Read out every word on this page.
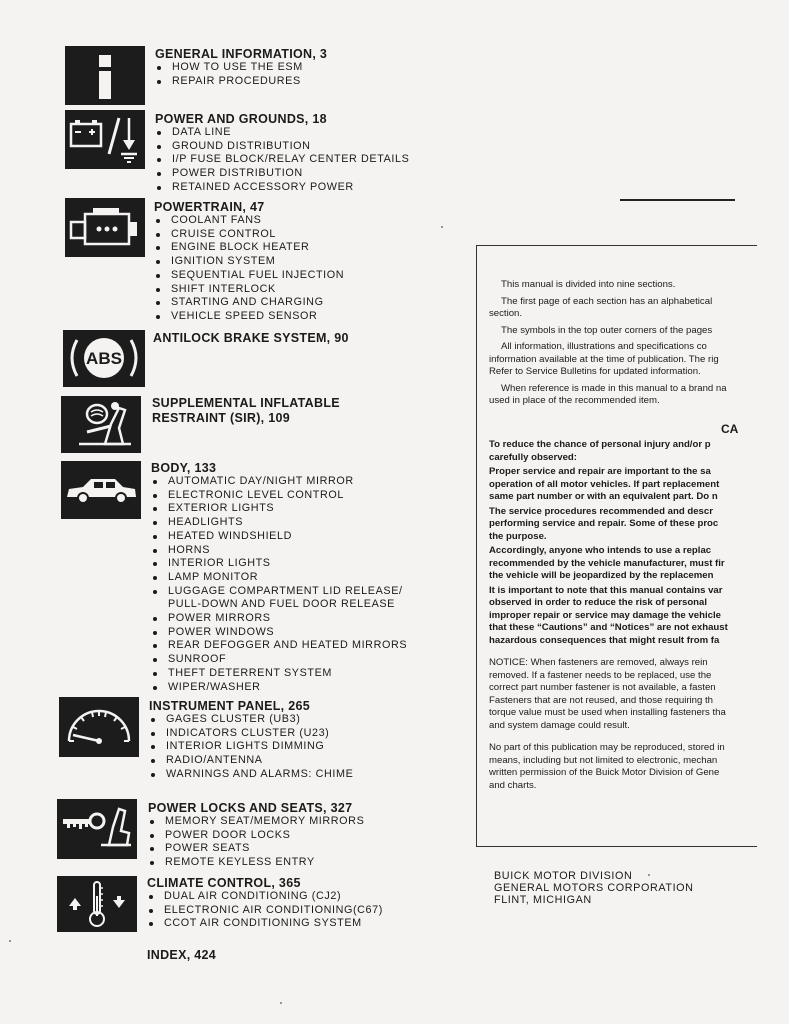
ABS
GENERAL INFORMATION, 3
HOW TO USE THE ESM
REPAIR PROCEDURES
POWER AND GROUNDS, 18
DATA LINE
GROUND DISTRIBUTION
I/P FUSE BLOCK/RELAY CENTER DETAILS
POWER DISTRIBUTION
RETAINED ACCESSORY POWER
POWERTRAIN, 47
COOLANT FANS
CRUISE CONTROL
ENGINE BLOCK HEATER
IGNITION SYSTEM
SEQUENTIAL FUEL INJECTION
SHIFT INTERLOCK
STARTING AND CHARGING
VEHICLE SPEED SENSOR
ANTILOCK BRAKE SYSTEM, 90
SUPPLEMENTAL INFLATABLE
RESTRAINT (SIR), 109
BODY, 133
AUTOMATIC DAY/NIGHT MIRROR
ELECTRONIC LEVEL CONTROL
EXTERIOR LIGHTS
HEADLIGHTS
HEATED WINDSHIELD
HORNS
INTERIOR LIGHTS
LAMP MONITOR
LUGGAGE COMPARTMENT LID RELEASE/
PULL-DOWN AND FUEL DOOR RELEASE
POWER MIRRORS
POWER WINDOWS
REAR DEFOGGER AND HEATED MIRRORS
SUNROOF
THEFT DETERRENT SYSTEM
WIPER/WASHER
INSTRUMENT PANEL, 265
GAGES CLUSTER (UB3)
INDICATORS CLUSTER (U23)
INTERIOR LIGHTS DIMMING
RADIO/ANTENNA
WARNINGS AND ALARMS: CHIME
POWER LOCKS AND SEATS, 327
MEMORY SEAT/MEMORY MIRRORS
POWER DOOR LOCKS
POWER SEATS
REMOTE KEYLESS ENTRY
CLIMATE CONTROL, 365
DUAL AIR CONDITIONING (CJ2)
ELECTRONIC AIR CONDITIONING(C67)
CCOT AIR CONDITIONING SYSTEM
INDEX, 424

This manual is divided into nine sections.

The first page of each section has an alphabetical

section.

The symbols in the top outer corners of the pages

All information, illustrations and specifications co

information available at the time of publication. The rig

Refer to Service Bulletins for updated information.

When reference is made in this manual to a brand na

used in place of the recommended item.

CA

To reduce the chance of personal injury and/or p

carefully observed:

Proper service and repair are important to the sa

operation of all motor vehicles. If part replacement

same part number or with an equivalent part. Do n

The service procedures recommended and descr

performing service and repair. Some of these proc

the purpose.

Accordingly, anyone who intends to use a replac

recommended by the vehicle manufacturer, must fir

the vehicle will be jeopardized by the replacemen

It is important to note that this manual contains var

observed in order to reduce the risk of personal

improper repair or service may damage the vehicle

that these “Cautions” and “Notices” are not exhaust

hazardous consequences that might result from fa

NOTICE: When fasteners are removed, always rein

removed. If a fastener needs to be replaced, use the

correct part number fastener is not available, a fasten

Fasteners that are not reused, and those requiring th

torque value must be used when installing fasteners tha

and system damage could result.

No part of this publication may be reproduced, stored in

means, including but not limited to electronic, mechan

written permission of the Buick Motor Division of Gene

and charts.

BUICK MOTOR DIVISION
GENERAL MOTORS CORPORATION
FLINT, MICHIGAN
